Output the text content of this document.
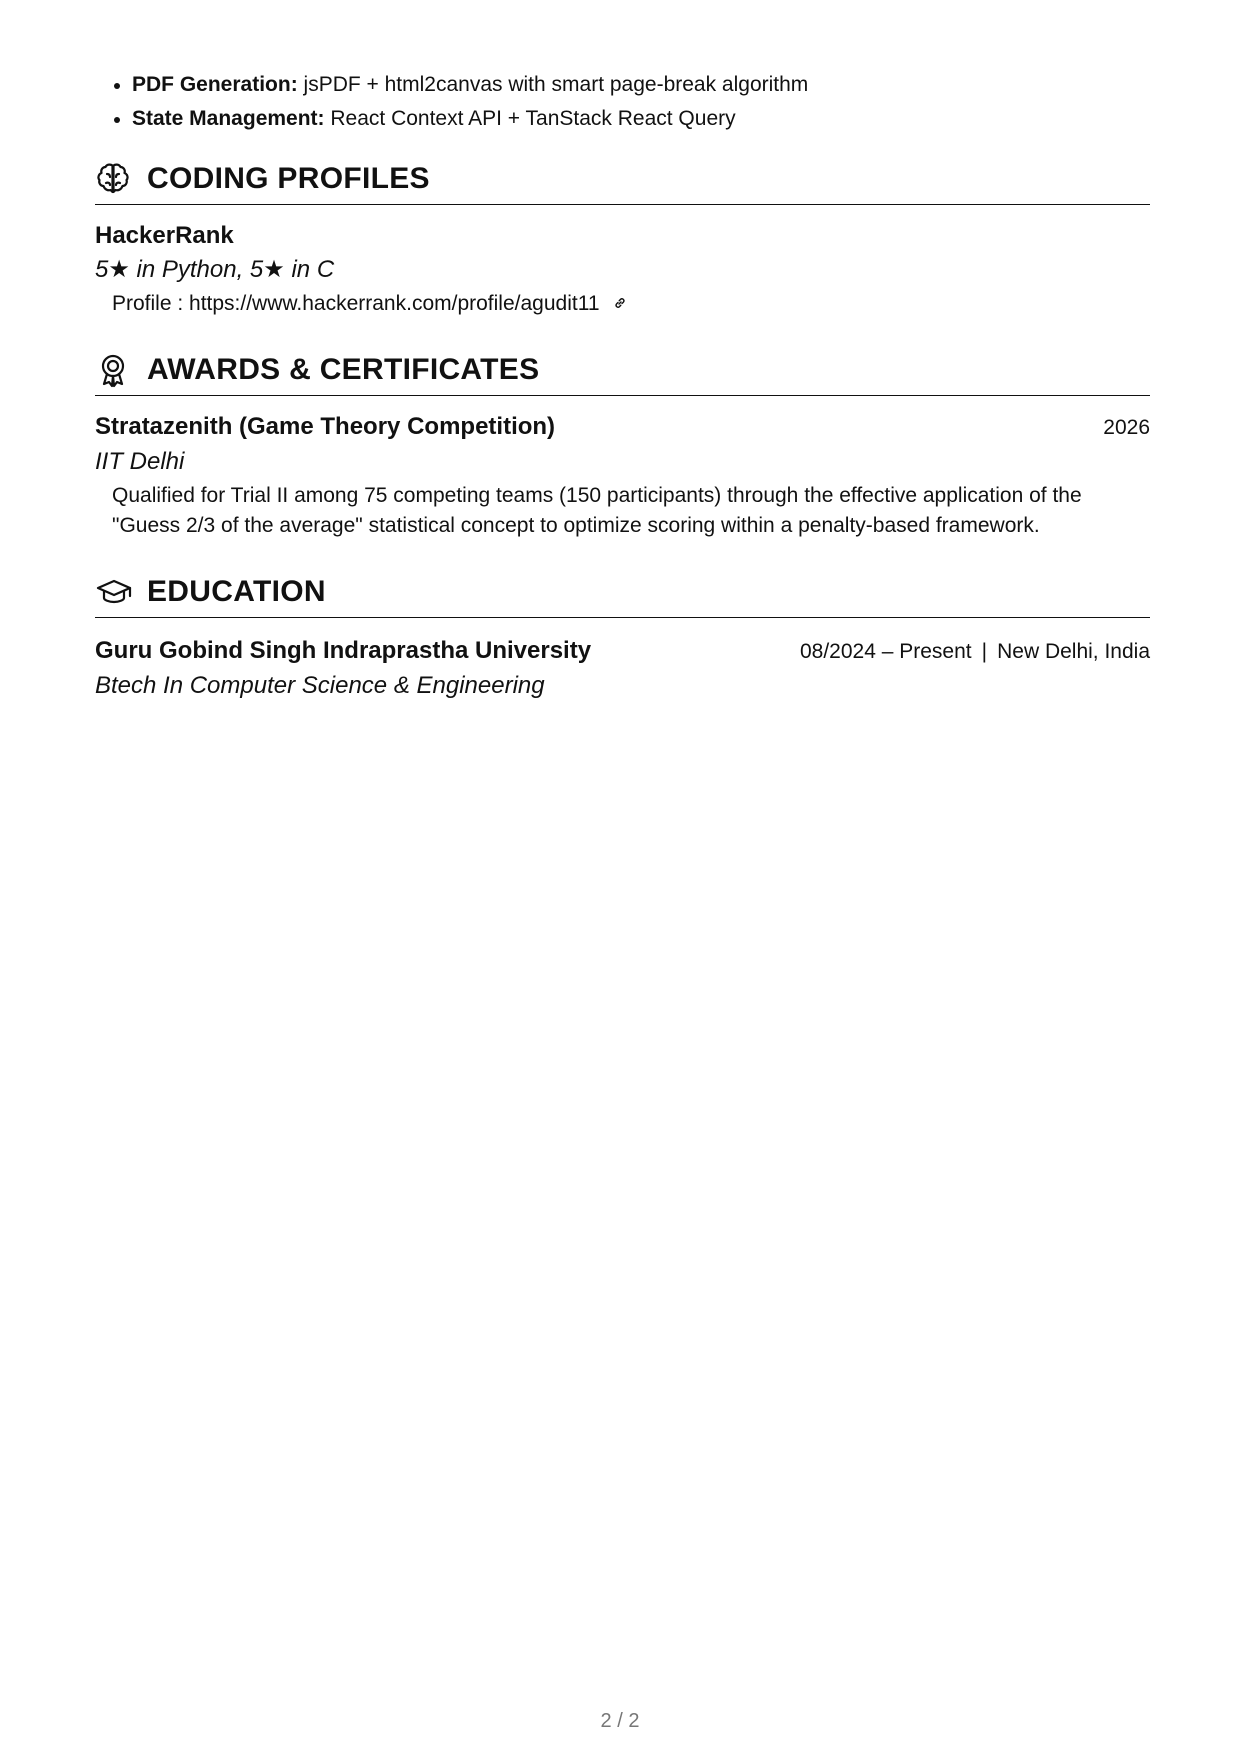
PDF Generation: jsPDF + html2canvas with smart page-break algorithm
State Management: React Context API + TanStack React Query
CODING PROFILES
HackerRank
5★ in Python, 5★ in C
Profile : https://www.hackerrank.com/profile/agudit11
AWARDS & CERTIFICATES
Stratazenith (Game Theory Competition)	2026
IIT Delhi
Qualified for Trial II among 75 competing teams (150 participants) through the effective application of the "Guess 2/3 of the average" statistical concept to optimize scoring within a penalty-based framework.
EDUCATION
Guru Gobind Singh Indraprastha University	08/2024 – Present | New Delhi, India
Btech In Computer Science & Engineering
2 / 2
